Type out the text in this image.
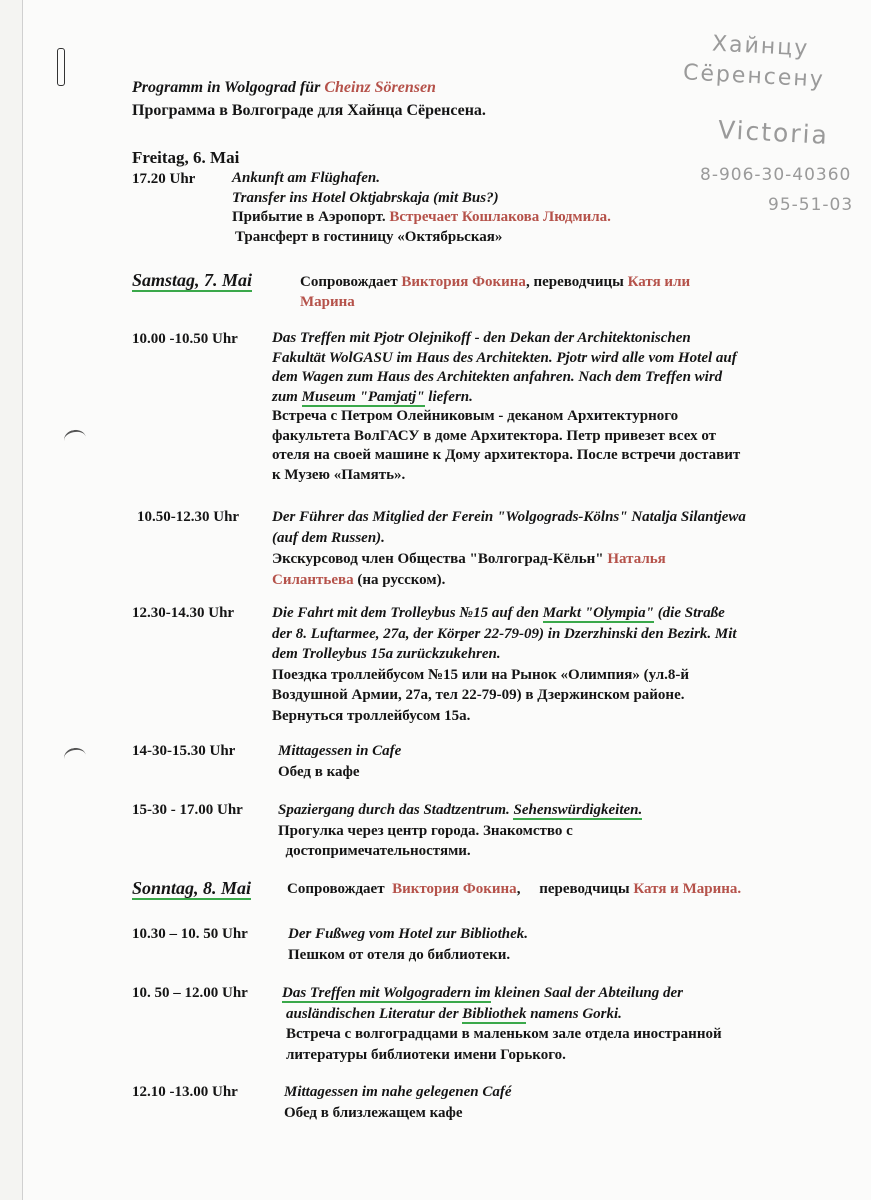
Хайнцу
Сёренсену
Victoria
8-906-30-40360
95-51-03
Programm in Wolgograd für Cheinz Sörensen
Программа в Волгограде для Хайнца Сёренсена.
Freitag, 6. Mai
17.20 Uhr Ankunft am Flüghafen.
Transfer ins Hotel Oktjabrskaja (mit Bus?)
Прибытие в Аэропорт. Встречает Кошлакова Людмила.
Трансферт в гостиницу «Октябрьская»
Samstag, 7. Mai	Сопровождает Виктория Фокина, переводчицы Катя или
Марина
10.00 -10.50 Uhr Das Treffen mit Pjotr Olejnikoff - den Dekan der Architektonischen
Fakultät WolGASU im Haus des Architekten. Pjotr wird alle vom Hotel auf
dem Wagen zum Haus des Architekten anfahren. Nach dem Treffen wird
zum Museum "Pamjatj" liefern.
Встреча с Петром Олейниковым - деканом Архитектурного
факультета ВолГАСУ в доме Архитектора. Петр привезет всех от
отеля на своей машине к Дому архитектора. После встречи доставит
к Музею «Память».
10.50-12.30 Uhr Der Führer das Mitglied der Ferein "Wolgograds-Kölns" Natalja Silantjewa
(auf dem Russen).
Экскурсовод член Общества "Волгоград-Кёльн" Наталья
Силантьева (на русском).
12.30-14.30 Uhr	Die Fahrt mit dem Trolleybus №15 auf den Markt "Olympia" (die Straße
der 8. Luftarmee, 27a, der Körper 22-79-09) in Dzerzhinski den Bezirk. Mit
dem Trolleybus 15a zurückzukehren.
Поездка троллейбусом №15 или на Рынок «Олимпия» (ул.8-й
Воздушной Армии, 27а, тел 22-79-09) в Дзержинском районе.
Вернуться троллейбусом 15а.
14-30-15.30 Uhr	Mittagessen in Cafe
Обед в кафе
15-30 - 17.00 Uhr Spaziergang durch das Stadtzentrum. Sehenswürdigkeiten.
Прогулка через центр города. Знакомство с
достопримечательностями.
Sonntag, 8. Mai Сопровождает Виктория Фокина,     переводчицы Катя и Марина.
10.30 – 10. 50 Uhr	Der Fußweg vom Hotel zur Bibliothek.
Пешком от отеля до библиотеки.
10. 50 – 12.00 Uhr Das Treffen mit Wolgogradern im kleinen Saal der Abteilung der
ausländischen Literatur der Bibliothek namens Gorki.
Встреча с волгоградцами в маленьком зале отдела иностранной
литературы библиотеки имени Горького.
12.10 -13.00 Uhr	Mittagessen im nahe gelegenen Café
Обед в близлежащем кафе
